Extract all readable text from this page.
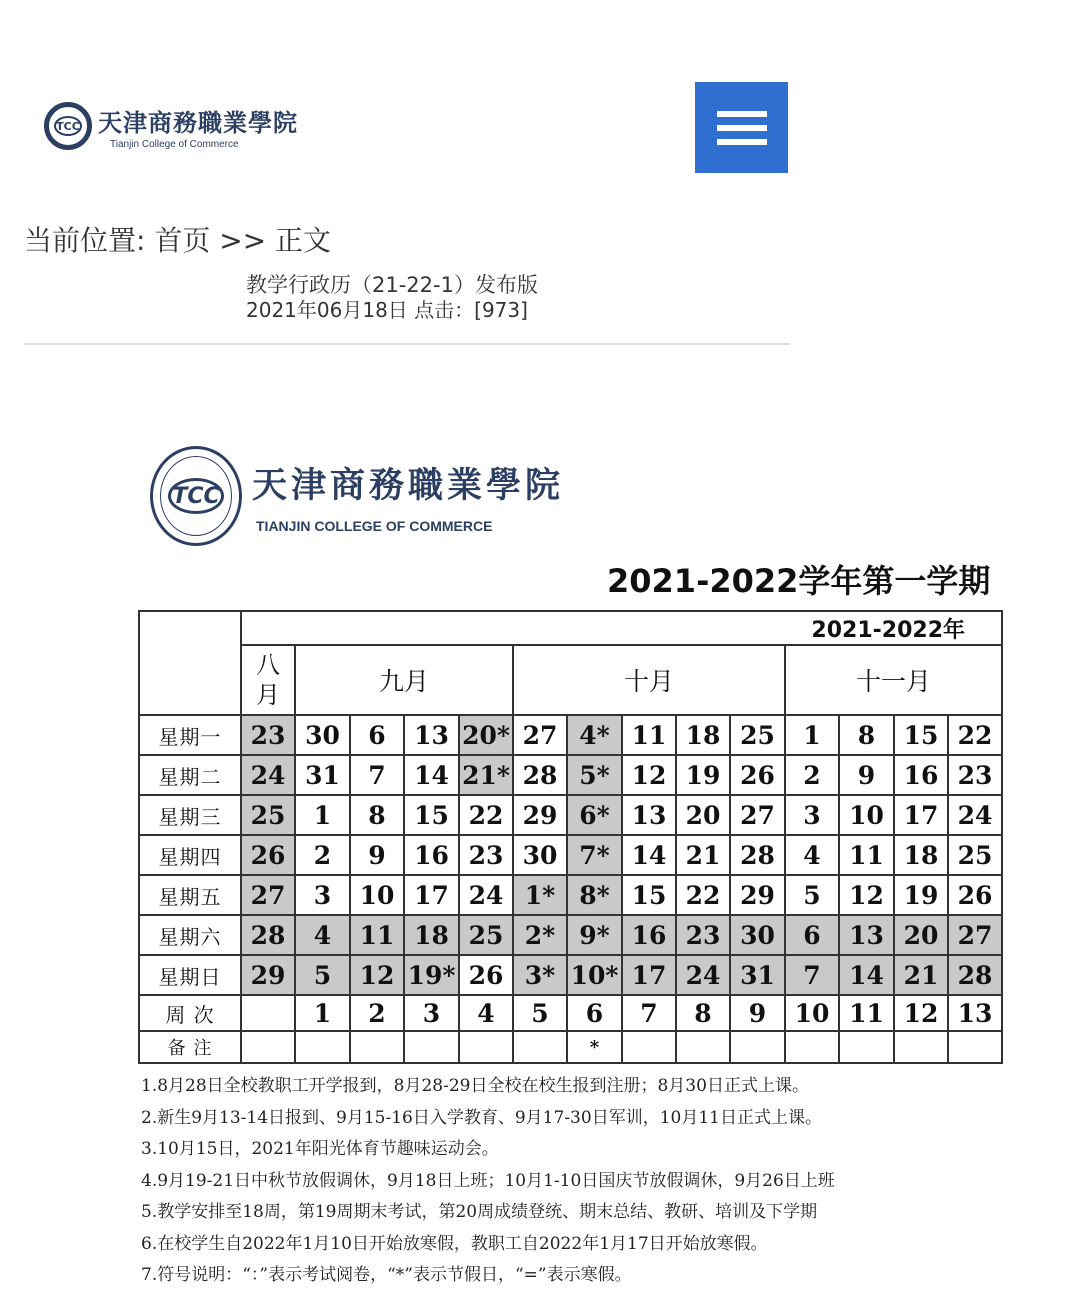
TCC 天津商務職業學院
Tianjin College of Commerce
当前位置: 首页 >> 正文
教学行政历（21-22-1）发布版
2021年06月18日 点击：[973]
TCC 天津商務職業學院
TIANJIN COLLEGE OF COMMERCE
2021-2022学年第一学期
	2021-2022年													
	八
月	九月				十月					十一月			
星期一	23	30	6	13	20*	27	4*	11	18	25	1	8	15	22
星期二	24	31	7	14	21*	28	5*	12	19	26	2	9	16	23
星期三	25	1	8	15	22	29	6*	13	20	27	3	10	17	24
星期四	26	2	9	16	23	30	7*	14	21	28	4	11	18	25
星期五	27	3	10	17	24	1*	8*	15	22	29	5	12	19	26
星期六	28	4	11	18	25	2*	9*	16	23	30	6	13	20	27
星期日	29	5	12	19*	26	3*	10*	17	24	31	7	14	21	28
周 次		1	2	3	4	5	6	7	8	9	10	11	12	13
备 注							*							
1.8月28日全校教职工开学报到，8月28-29日全校在校生报到注册；8月30日正式上课。
2.新生9月13-14日报到、9月15-16日入学教育、9月17-30日军训，10月11日正式上课。
3.10月15日，2021年阳光体育节趣味运动会。
4.9月19-21日中秋节放假调休，9月18日上班；10月1-10日国庆节放假调休，9月26日上班
5.教学安排至18周，第19周期末考试，第20周成绩登统、期末总结、教研、培训及下学期
6.在校学生自2022年1月10日开始放寒假，教职工自2022年1月17日开始放寒假。
7.符号说明：“：”表示考试阅卷，“*”表示节假日，“=”表示寒假。
